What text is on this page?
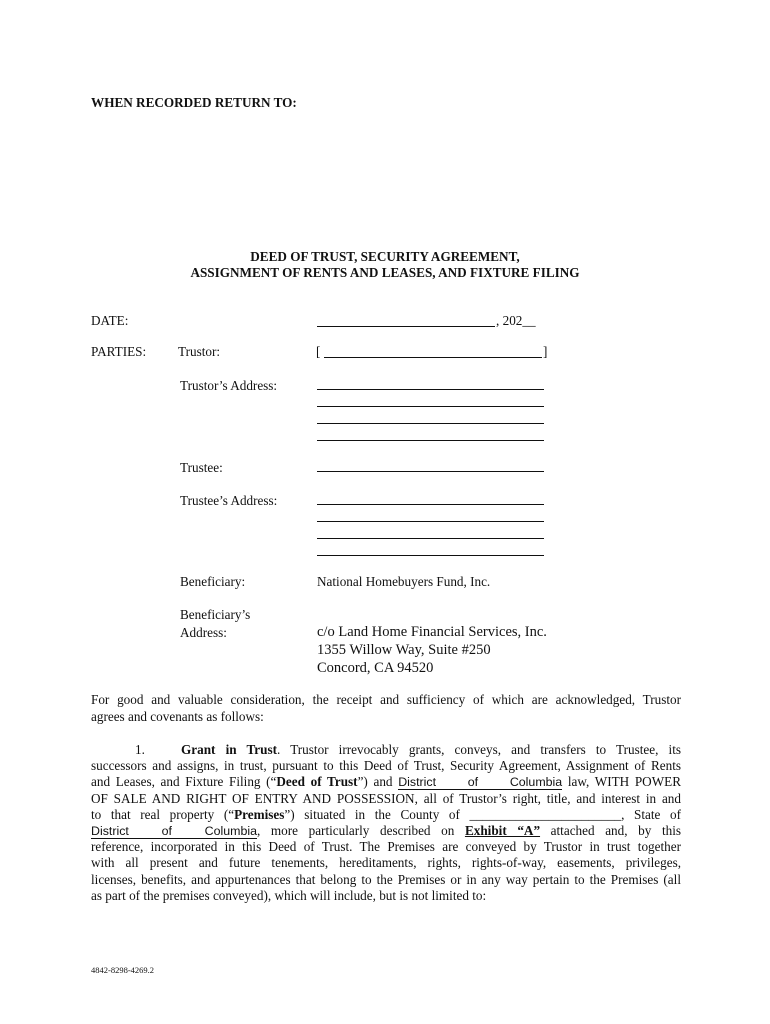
WHEN RECORDED RETURN TO:
DEED OF TRUST, SECURITY AGREEMENT,
ASSIGNMENT OF RENTS AND LEASES, AND FIXTURE FILING
DATE:	, 202__
PARTIES: Trustor:	[	]
Trustor’s Address:
Trustee:
Trustee’s Address:
Beneficiary:	National Homebuyers Fund, Inc.
Beneficiary’s
Address:	c/o Land Home Financial Services, Inc.
1355 Willow Way, Suite #250
Concord, CA 94520
For good and valuable consideration, the receipt and sufficiency of which are acknowledged, Trustor
agrees and covenants as follows:
1.	Grant in Trust. Trustor irrevocably grants, conveys, and transfers to Trustee, its
successors and assigns, in trust, pursuant to this Deed of Trust, Security Agreement, Assignment of Rents
and Leases, and Fixture Filing (“Deed of Trust”) and District of Columbia law, WITH POWER
OF SALE AND RIGHT OF ENTRY AND POSSESSION, all of Trustor’s right, title, and interest in and
to that real property (“Premises”) situated in the County of _______________________, State of
District of Columbia, more particularly described on Exhibit “A” attached and, by this
reference, incorporated in this Deed of Trust. The Premises are conveyed by Trustor in trust together
with all present and future tenements, hereditaments, rights, rights-of-way, easements, privileges,
licenses, benefits, and appurtenances that belong to the Premises or in any way pertain to the Premises (all
as part of the premises conveyed), which will include, but is not limited to:
4842-8298-4269.2
